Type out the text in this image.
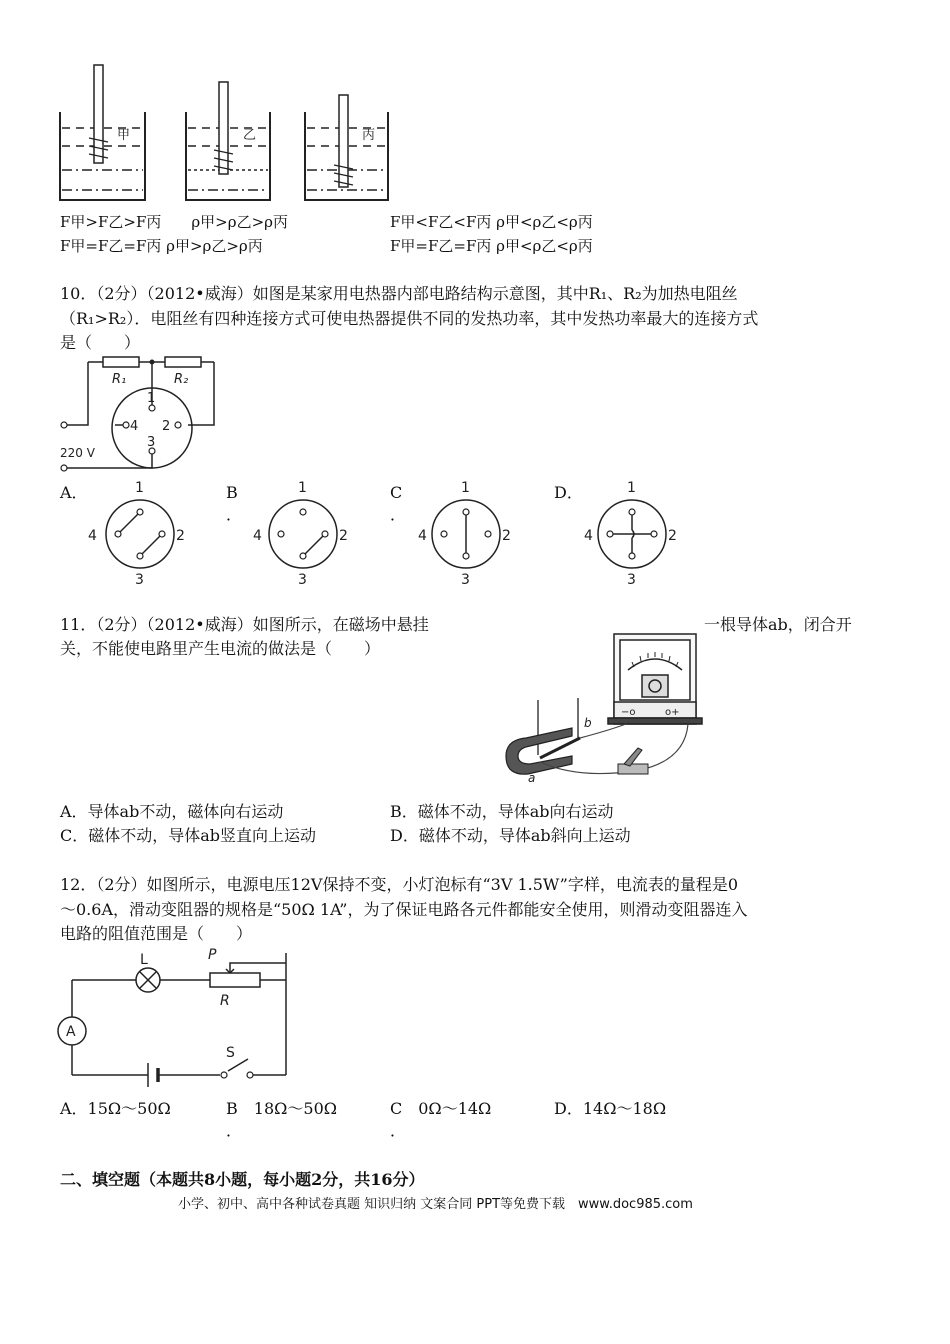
甲	乙	丙
F甲>F乙>F丙　　ρ甲>ρ乙>ρ丙	F甲<F乙<F丙 ρ甲<ρ乙<ρ丙
F甲=F乙=F丙 ρ甲>ρ乙>ρ丙	F甲=F乙=F丙 ρ甲<ρ乙<ρ丙
10．（2分）（2012•威海）如图是某家用电热器内部电路结构示意图，其中R₁、R₂为加热电阻丝
（R₁>R₂）．电阻丝有四种连接方式可使电热器提供不同的发热功率，其中发热功率最大的连接方式
是（　　）
R₁	R₂
1
2
3
4
220 V
A．	B
．
C
．
D．
1
4	2
3
1
4	2
3
1
4	2
3
1
4	2
3
11．（2分）（2012•威海）如图所示，在磁场中悬挂	一根导体ab，闭合开
关，不能使电路里产生电流的做法是（　　）
−o	o+
a
b
A．导体ab不动，磁体向右运动	B．磁体不动，导体ab向右运动
C．磁体不动，导体ab竖直向上运动	D．磁体不动，导体ab斜向上运动
12．（2分）如图所示，电源电压12V保持不变，小灯泡标有“3V 1.5W”字样，电流表的量程是0
～0.6A，滑动变阻器的规格是“50Ω 1A”，为了保证电路各元件都能安全使用，则滑动变阻器连入
电路的阻值范围是（　　）
L	P
R
A
S
A．15Ω～50Ω	B　18Ω～50Ω
．
C　0Ω～14Ω
．
D．14Ω～18Ω
二、填空题（本题共8小题，每小题2分，共16分）
小学、初中、高中各种试卷真题 知识归纳 文案合同 PPT等免费下载　www.doc985.com
